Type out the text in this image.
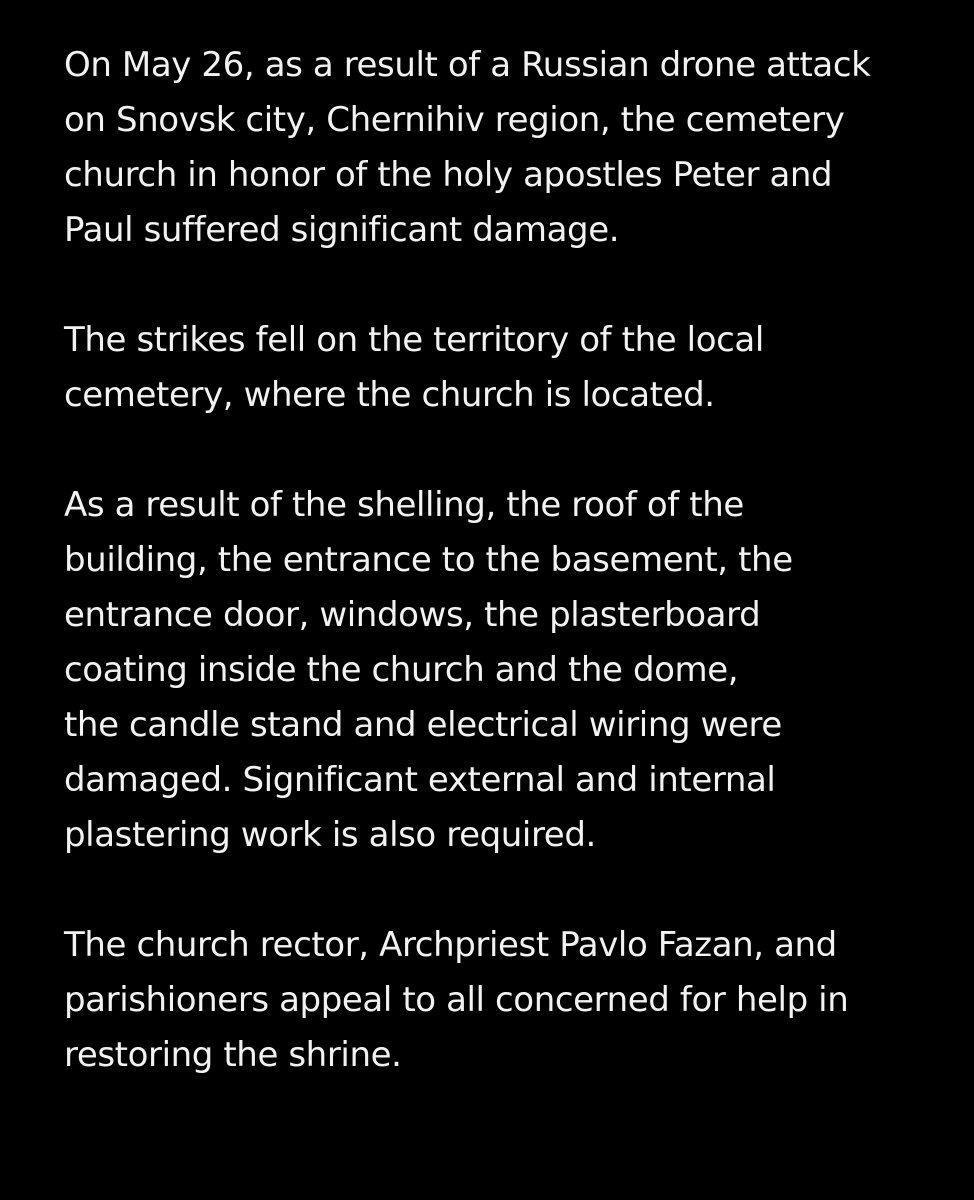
On May 26, as a result of a Russian drone attack
on Snovsk city, Chernihiv region, the cemetery
church in honor of the holy apostles Peter and
Paul suffered significant damage.

The strikes fell on the territory of the local
cemetery, where the church is located.

As a result of the shelling, the roof of the
building, the entrance to the basement, the
entrance door, windows, the plasterboard
coating inside the church and the dome,
the candle stand and electrical wiring were
damaged. Significant external and internal
plastering work is also required.

The church rector, Archpriest Pavlo Fazan, and
parishioners appeal to all concerned for help in
restoring the shrine.
